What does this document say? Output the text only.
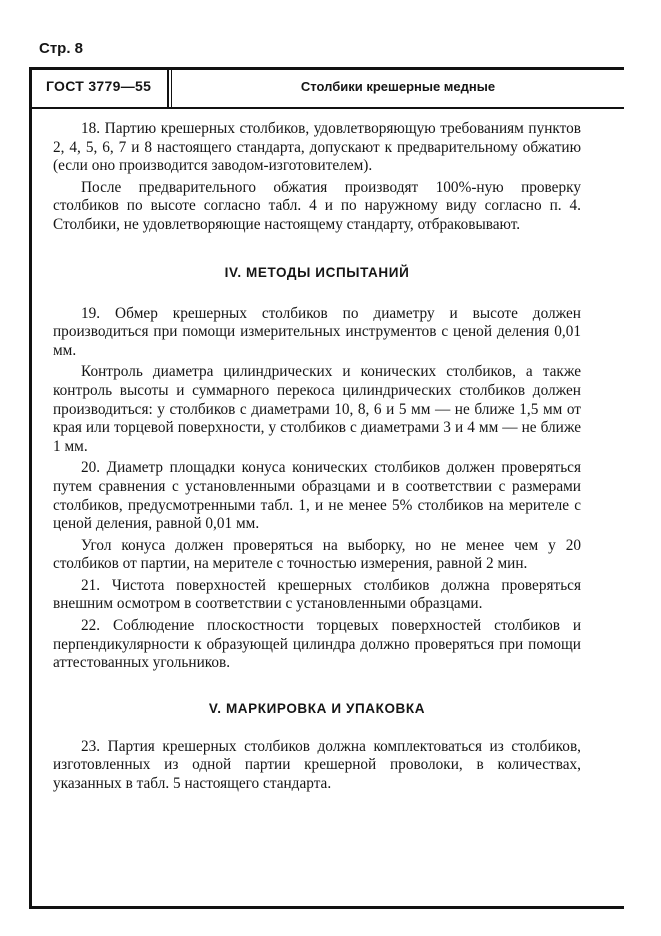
Стр. 8
ГОСТ 3779—55	Столбики крешерные медные

18. Партию крешерных столбиков, удовлетворяющую требованиям пунктов 2, 4, 5, 6, 7 и 8 настоящего стандарта, допускают к предварительному обжатию (если оно производится заводом-изготовителем).

После предварительного обжатия производят 100%-ную проверку столбиков по высоте согласно табл. 4 и по наружному виду согласно п. 4. Столбики, не удовлетворяющие настоящему стандарту, отбраковывают.

IV. МЕТОДЫ ИСПЫТАНИЙ

19. Обмер крешерных столбиков по диаметру и высоте должен производиться при помощи измерительных инструментов с ценой деления 0,01 мм.

Контроль диаметра цилиндрических и конических столбиков, а также контроль высоты и суммарного перекоса цилиндрических столбиков должен производиться: у столбиков с диаметрами 10, 8, 6 и 5 мм — не ближе 1,5 мм от края или торцевой поверхности, у столбиков с диаметрами 3 и 4 мм — не ближе 1 мм.

20. Диаметр площадки конуса конических столбиков должен проверяться путем сравнения с установленными образцами и в соответствии с размерами столбиков, предусмотренными табл. 1, и не менее 5% столбиков на мерителе с ценой деления, равной 0,01 мм.

Угол конуса должен проверяться на выборку, но не менее чем у 20 столбиков от партии, на мерителе с точностью измерения, равной 2 мин.

21. Чистота поверхностей крешерных столбиков должна проверяться внешним осмотром в соответствии с установленными образцами.

22. Соблюдение плоскостности торцевых поверхностей столбиков и перпендикулярности к образующей цилиндра должно проверяться при помощи аттестованных угольников.

V. МАРКИРОВКА И УПАКОВКА

23. Партия крешерных столбиков должна комплектоваться из столбиков, изготовленных из одной партии крешерной проволоки, в количествах, указанных в табл. 5 настоящего стандарта.
